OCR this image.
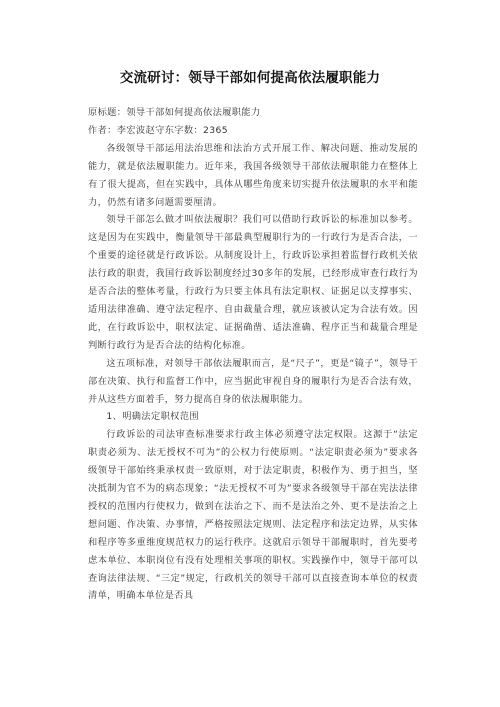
交流研讨：领导干部如何提高依法履职能力

原标题：领导干部如何提高依法履职能力

作者：李宏波赵守东字数：2365

各级领导干部运用法治思维和法治方式开展工作、解决问题、推动发展的能力，就是依法履职能力。近年来，我国各级领导干部依法履职能力在整体上有了很大提高，但在实践中，具体从哪些角度来切实提升依法履职的水平和能力，仍然有诸多问题需要厘清。

领导干部怎么做才叫依法履职？我们可以借助行政诉讼的标准加以参考。这是因为在实践中，衡量领导干部最典型履职行为的一行政行为是否合法，一个重要的途径就是行政诉讼。从制度设计上，行政诉讼承担着监督行政机关依法行政的职责，我国行政诉讼制度经过30多年的发展，已经形成审查行政行为是否合法的整体考量，行政行为只要主体具有法定职权、证据足以支撑事实、适用法律准确、遵守法定程序、自由裁量合理，就应该被认定为合法有效。因此，在行政诉讼中，职权法定、证据确凿、适法准确、程序正当和裁量合理是判断行政行为是否合法的结构化标准。

这五项标准，对领导干部依法履职而言，是“尺子”，更是“镜子”，领导干部在决策、执行和监督工作中，应当据此审视自身的履职行为是否合法有效，并从这些方面着手，努力提高自身的依法履职能力。

1、明确法定职权范围

行政诉讼的司法审查标准要求行政主体必须遵守法定权限。这源于“法定职责必须为、法无授权不可为”的公权力行使原则。“法定职责必须为”要求各级领导干部始终秉承权责一致原则，对于法定职责，积极作为、勇于担当，坚决抵制为官不为的病态现象；“法无授权不可为”要求各级领导干部在宪法法律授权的范围内行使权力，做到在法治之下、而不是法治之外、更不是法治之上想问题、作决策、办事情，严格按照法定规则、法定程序和法定边界，从实体和程序等多重维度规范权力的运行秩序。这就启示领导干部履职时，首先要考虑本单位、本职岗位有没有处理相关事项的职权。实践操作中，领导干部可以查询法律法规、“三定”规定，行政机关的领导干部可以直接查询本单位的权责清单，明确本单位是否具
